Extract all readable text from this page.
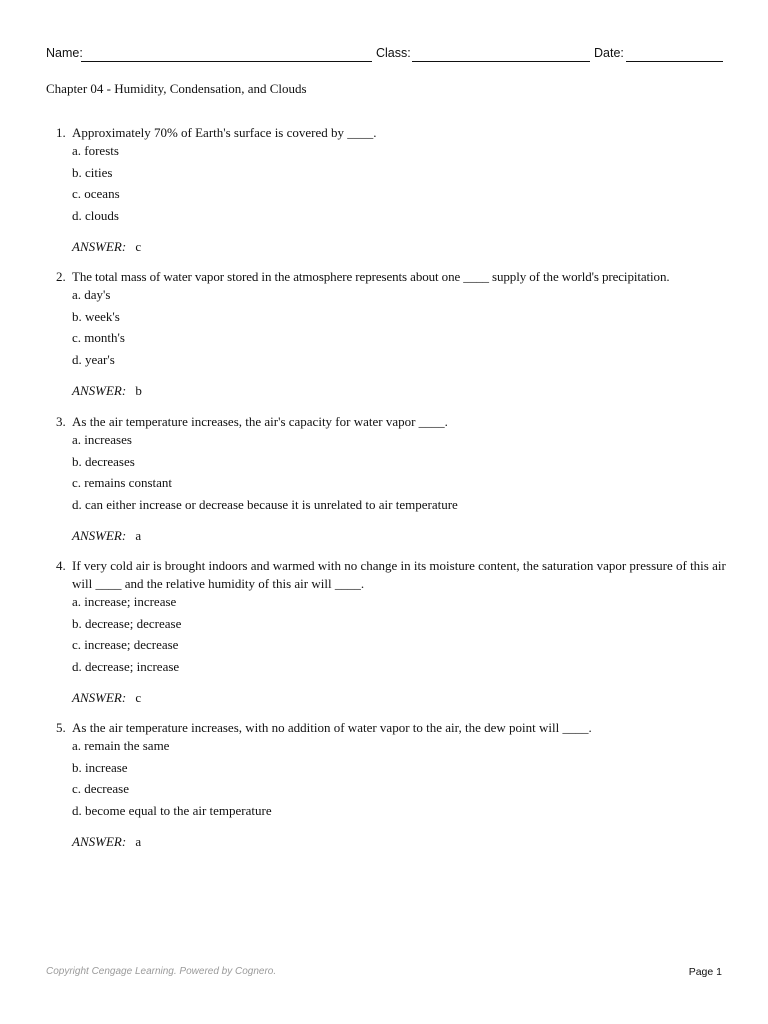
Name:	Class:	Date:
Chapter 04 - Humidity, Condensation, and Clouds
1. Approximately 70% of Earth's surface is covered by ____.
a. forests
b. cities
c. oceans
d. clouds
ANSWER: c
2. The total mass of water vapor stored in the atmosphere represents about one ____ supply of the world's precipitation.
a. day's
b. week's
c. month's
d. year's
ANSWER: b
3. As the air temperature increases, the air's capacity for water vapor ____.
a. increases
b. decreases
c. remains constant
d. can either increase or decrease because it is unrelated to air temperature
ANSWER: a
4. If very cold air is brought indoors and warmed with no change in its moisture content, the saturation vapor pressure of this air will ____ and the relative humidity of this air will ____.
a. increase; increase
b. decrease; decrease
c. increase; decrease
d. decrease; increase
ANSWER: c
5. As the air temperature increases, with no addition of water vapor to the air, the dew point will ____.
a. remain the same
b. increase
c. decrease
d. become equal to the air temperature
ANSWER: a
Copyright Cengage Learning. Powered by Cognero.	Page 1
